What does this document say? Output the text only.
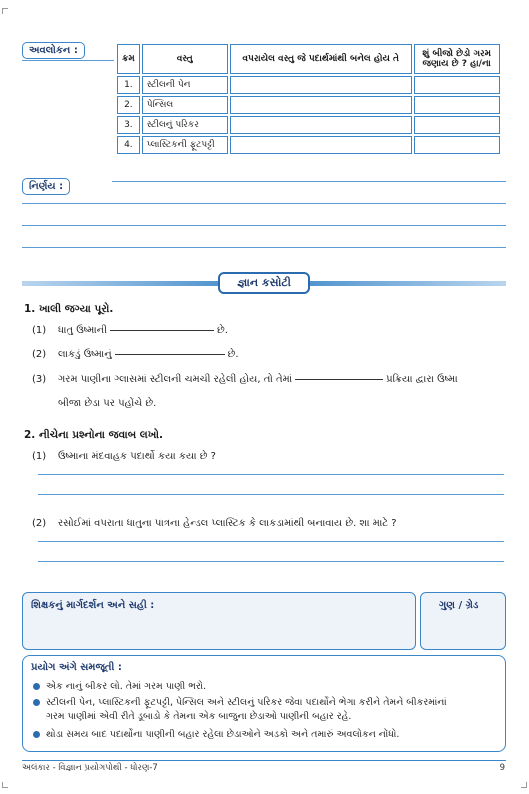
અવલોકન :
ક્રમ	વસ્તુ	વપરાયેલ વસ્તુ જે પદાર્થમાંથી બનેલ હોય તે	શું બીજો છેડો ગરમ જણાય છે ? હા/ના
1.	સ્ટીલની પેન		
2.	પેન્સિલ		
3.	સ્ટીલનું પરિકર		
4.	પ્લાસ્ટિકની ફૂટપટ્ટી		
નિર્ણય :
જ્ઞાન કસોટી
1. ખાલી જગ્યા પૂરો.
(1) ધાતુ ઉષ્માની	છે.
(2) લાકડું ઉષ્માનું	છે.
(3) ગરમ પાણીના ગ્લાસમાં સ્ટીલની ચમચી રહેલી હોય, તો તેમાં	પ્રક્રિયા દ્વારા ઉષ્મા
બીજા છેડા પર પહોંચે છે.
2. નીચેના પ્રશ્નોના જવાબ લખો.
(1) ઉષ્માના મંદવાહક પદાર્થો કયા કયા છે ?
(2) રસોઈમાં વપરાતા ધાતુના પાત્રના હેન્ડલ પ્લાસ્ટિક કે લાકડામાંથી બનાવાય છે. શા માટે ?
શિક્ષકનું માર્ગદર્શન અને સહી :	ગુણ / ગ્રેડ
પ્રયોગ અંગે સમજૂતી :
એક નાનું બીકર લો. તેમાં ગરમ પાણી ભરો.
સ્ટીલની પેન, પ્લાસ્ટિકની ફૂટપટ્ટી, પેન્સિલ અને સ્ટીલનું પરિકર જેવા પદાર્થોને ભેગા કરીને તેમને બીકરમાંનાં
ગરમ પાણીમાં એવી રીતે ડૂબાડો કે તેમના એક બાજુના છેડાઓ પાણીની બહાર રહે.
થોડા સમય બાદ પદાર્થોના પાણીની બહાર રહેલા છેડાઓને અડકો અને તમારું અવલોકન નોંધો.
અલંકાર - વિજ્ઞાન પ્રયોગપોથી - ધોરણ-7	9
